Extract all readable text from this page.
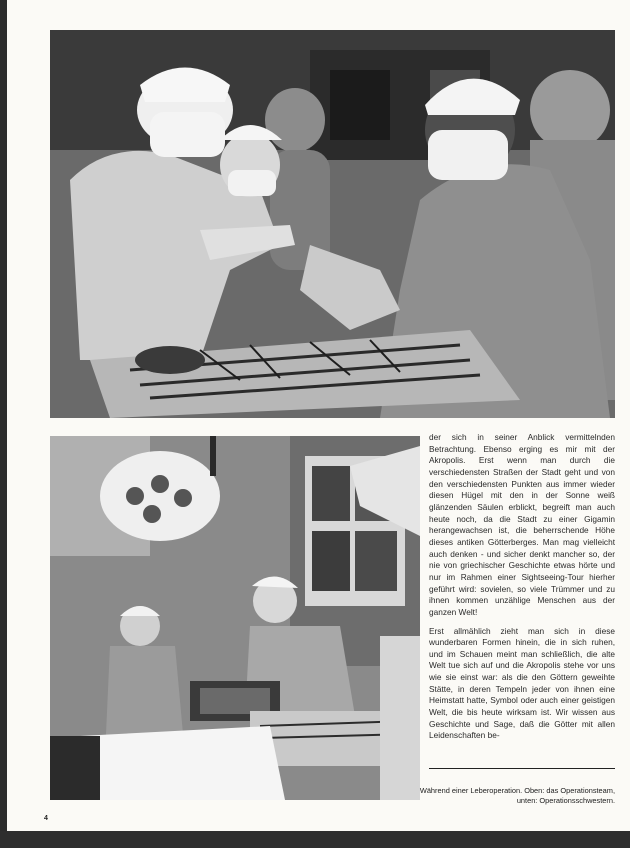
der sich in seiner Anblick vermittelnden Betrachtung. Ebenso erging es mir mit der Akropolis. Erst wenn man durch die verschiedensten Straßen der Stadt geht und von den verschiedensten Punkten aus immer wieder diesen Hügel mit den in der Sonne weiß glänzenden Säulen erblickt, begreift man auch heute noch, da die Stadt zu einer Gigamin herangewachsen ist, die beherrschende Höhe dieses antiken Götterberges. Man mag vielleicht auch denken - und sicher denkt mancher so, der nie von griechischer Geschichte etwas hörte und nur im Rahmen einer Sightseeing-Tour hierher geführt wird: sovielen, so viele Trümmer und zu ihnen kommen unzählige Menschen aus der ganzen Welt!

Erst allmählich zieht man sich in diese wunderbaren Formen hinein, die in sich ruhen, und im Schauen meint man schließlich, die alte Welt tue sich auf und die Akropolis stehe vor uns wie sie einst war: als die den Göttern geweihte Stätte, in deren Tempeln jeder von ihnen eine Heimstatt hatte, Symbol oder auch einer geistigen Welt, die bis heute wirksam ist. Wir wissen aus Geschichte und Sage, daß die Götter mit allen Leidenschaften be-

Während einer Leberoperation. Oben: das Operationsteam, unten: Operationsschwestern.
4
